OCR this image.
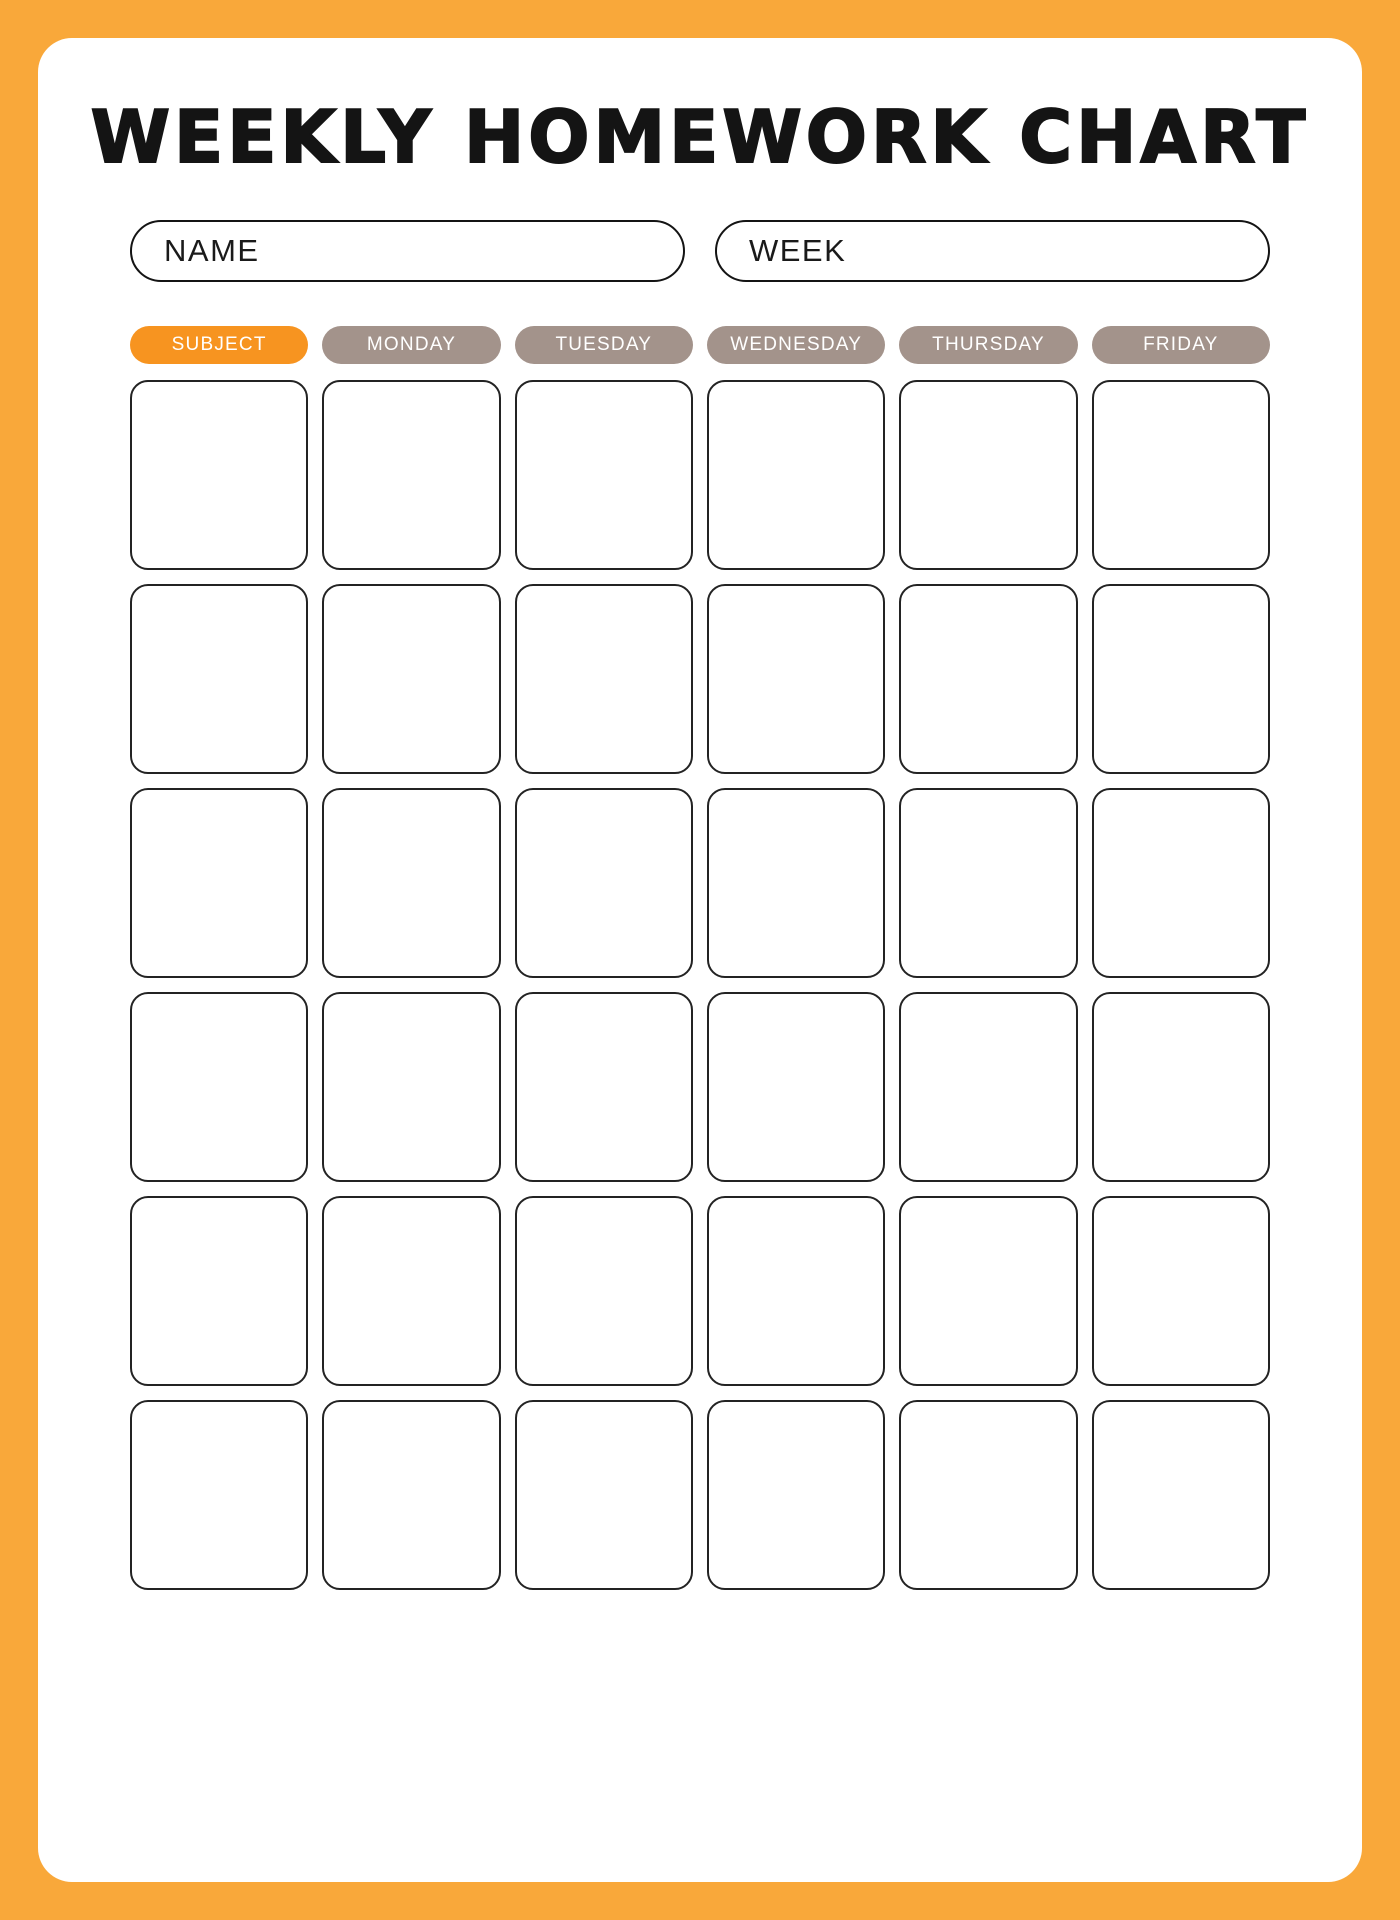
WEEKLY HOMEWORK CHART
NAME	WEEK
SUBJECT	MONDAY	TUESDAY	WEDNESDAY	THURSDAY	FRIDAY
